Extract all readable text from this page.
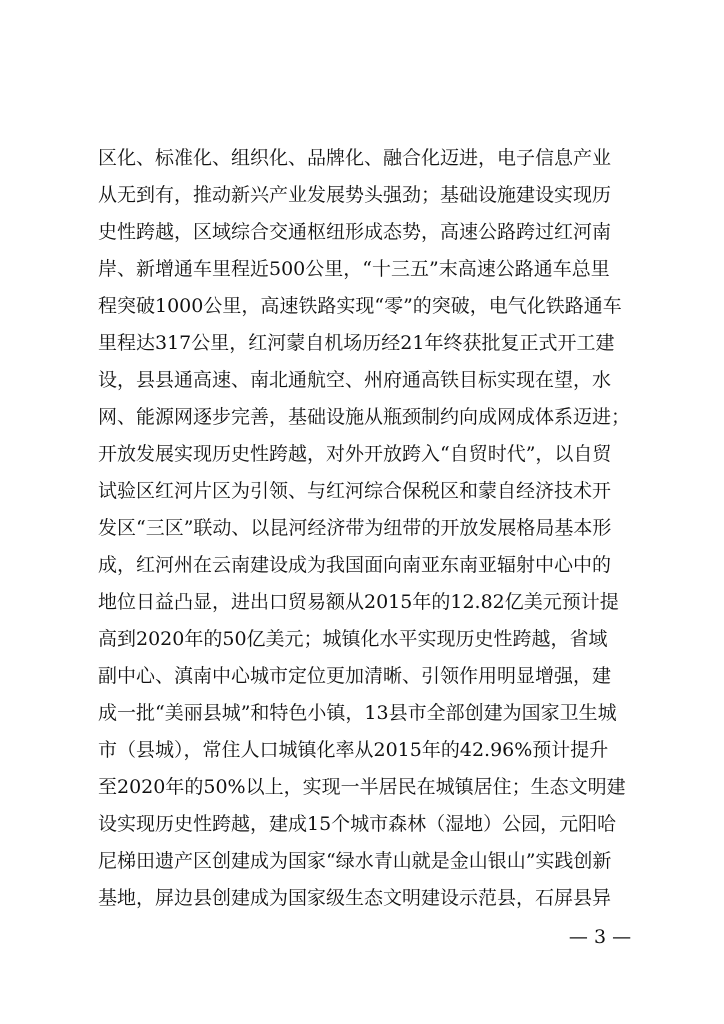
区化、标准化、组织化、品牌化、融合化迈进，电子信息产业
从无到有，推动新兴产业发展势头强劲；基础设施建设实现历
史性跨越，区域综合交通枢纽形成态势，高速公路跨过红河南
岸、新增通车里程近500公里，“十三五”末高速公路通车总里
程突破1000公里，高速铁路实现“零”的突破，电气化铁路通车
里程达317公里，红河蒙自机场历经21年终获批复正式开工建
设，县县通高速、南北通航空、州府通高铁目标实现在望，水
网、能源网逐步完善，基础设施从瓶颈制约向成网成体系迈进；
开放发展实现历史性跨越，对外开放跨入“自贸时代”，以自贸
试验区红河片区为引领、与红河综合保税区和蒙自经济技术开
发区“三区”联动、以昆河经济带为纽带的开放发展格局基本形
成，红河州在云南建设成为我国面向南亚东南亚辐射中心中的
地位日益凸显，进出口贸易额从2015年的12.82亿美元预计提
高到2020年的50亿美元；城镇化水平实现历史性跨越，省域
副中心、滇南中心城市定位更加清晰、引领作用明显增强，建
成一批“美丽县城”和特色小镇，13县市全部创建为国家卫生城
市（县城），常住人口城镇化率从2015年的42.96%预计提升
至2020年的50%以上，实现一半居民在城镇居住；生态文明建
设实现历史性跨越，建成15个城市森林（湿地）公园，元阳哈
尼梯田遗产区创建成为国家“绿水青山就是金山银山”实践创新
基地，屏边县创建成为国家级生态文明建设示范县，石屏县异
— 3 —
